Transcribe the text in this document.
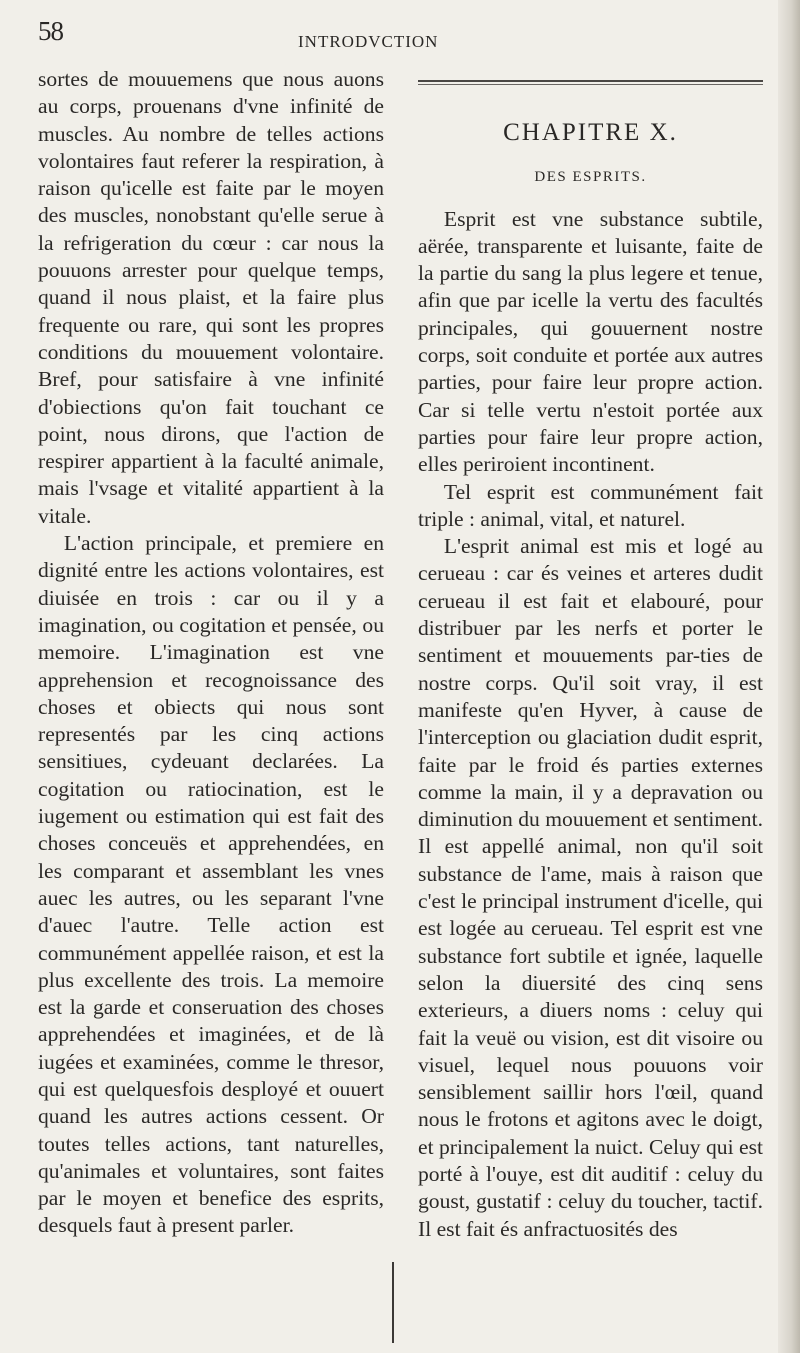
58	INTRODVCTION

sortes de mouuemens que nous auons au corps, prouenans d'vne infinité de muscles. Au nombre de telles actions volontaires faut referer la respiration, à raison qu'icelle est faite par le moyen des muscles, nonobstant qu'elle serue à la refrigeration du cœur : car nous la pouuons arrester pour quelque temps, quand il nous plaist, et la faire plus frequente ou rare, qui sont les propres conditions du mouuement volontaire. Bref, pour satisfaire à vne infinité d'obiections qu'on fait touchant ce point, nous dirons, que l'action de respirer appartient à la faculté animale, mais l'vsage et vitalité appartient à la vitale.

L'action principale, et premiere en dignité entre les actions volontaires, est diuisée en trois : car ou il y a imagination, ou cogitation et pensée, ou memoire. L'imagination est vne apprehension et recognoissance des choses et obiects qui nous sont representés par les cinq actions sensitiues, cydeuant declarées. La cogitation ou ratiocination, est le iugement ou estimation qui est fait des choses conceuës et apprehendées, en les comparant et assemblant les vnes auec les autres, ou les separant l'vne d'auec l'autre. Telle action est communément appellée raison, et est la plus excellente des trois. La memoire est la garde et conseruation des choses apprehendées et imaginées, et de là iugées et examinées, comme le thresor, qui est quelquesfois desployé et ouuert quand les autres actions cessent. Or toutes telles actions, tant naturelles, qu'animales et voluntaires, sont faites par le moyen et benefice des esprits, desquels faut à present parler.

CHAPITRE X.
DES ESPRITS.

Esprit est vne substance subtile, aërée, transparente et luisante, faite de la partie du sang la plus legere et tenue, afin que par icelle la vertu des facultés principales, qui gouuernent nostre corps, soit conduite et portée aux autres parties, pour faire leur propre action. Car si telle vertu n'estoit portée aux parties pour faire leur propre action, elles periroient incontinent.

Tel esprit est communément fait triple : animal, vital, et naturel.

L'esprit animal est mis et logé au cerueau : car és veines et arteres dudit cerueau il est fait et elabouré, pour distribuer par les nerfs et porter le sentiment et mouuements par-ties de nostre corps. Qu'il soit vray, il est manifeste qu'en Hyver, à cause de l'interception ou glaciation dudit esprit, faite par le froid és parties externes comme la main, il y a depravation ou diminution du mouuement et sentiment. Il est appellé animal, non qu'il soit substance de l'ame, mais à raison que c'est le principal instrument d'icelle, qui est logée au cerueau. Tel esprit est vne substance fort subtile et ignée, laquelle selon la diuersité des cinq sens exterieurs, a diuers noms : celuy qui fait la veuë ou vision, est dit visoire ou visuel, lequel nous pouuons voir sensiblement saillir hors l'œil, quand nous le frotons et agitons avec le doigt, et principalement la nuict. Celuy qui est porté à l'ouye, est dit auditif : celuy du goust, gustatif : celuy du toucher, tactif. Il est fait és anfractuosités des
